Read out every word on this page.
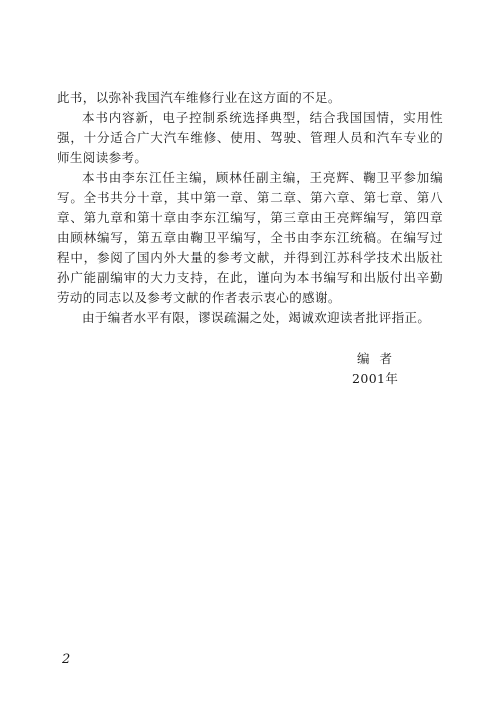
此书，以弥补我国汽车维修行业在这方面的不足。

本书内容新，电子控制系统选择典型，结合我国国情，实用性强，十分适合广大汽车维修、使用、驾驶、管理人员和汽车专业的师生阅读参考。

本书由李东江任主编，顾林任副主编，王亮辉、鞠卫平参加编写。全书共分十章，其中第一章、第二章、第六章、第七章、第八章、第九章和第十章由李东江编写，第三章由王亮辉编写，第四章由顾林编写，第五章由鞠卫平编写，全书由李东江统稿。在编写过程中，参阅了国内外大量的参考文献，并得到江苏科学技术出版社孙广能副编审的大力支持，在此，谨向为本书编写和出版付出辛勤劳动的同志以及参考文献的作者表示衷心的感谢。

由于编者水平有限，谬误疏漏之处，竭诚欢迎读者批评指正。

编者
2001年
2
